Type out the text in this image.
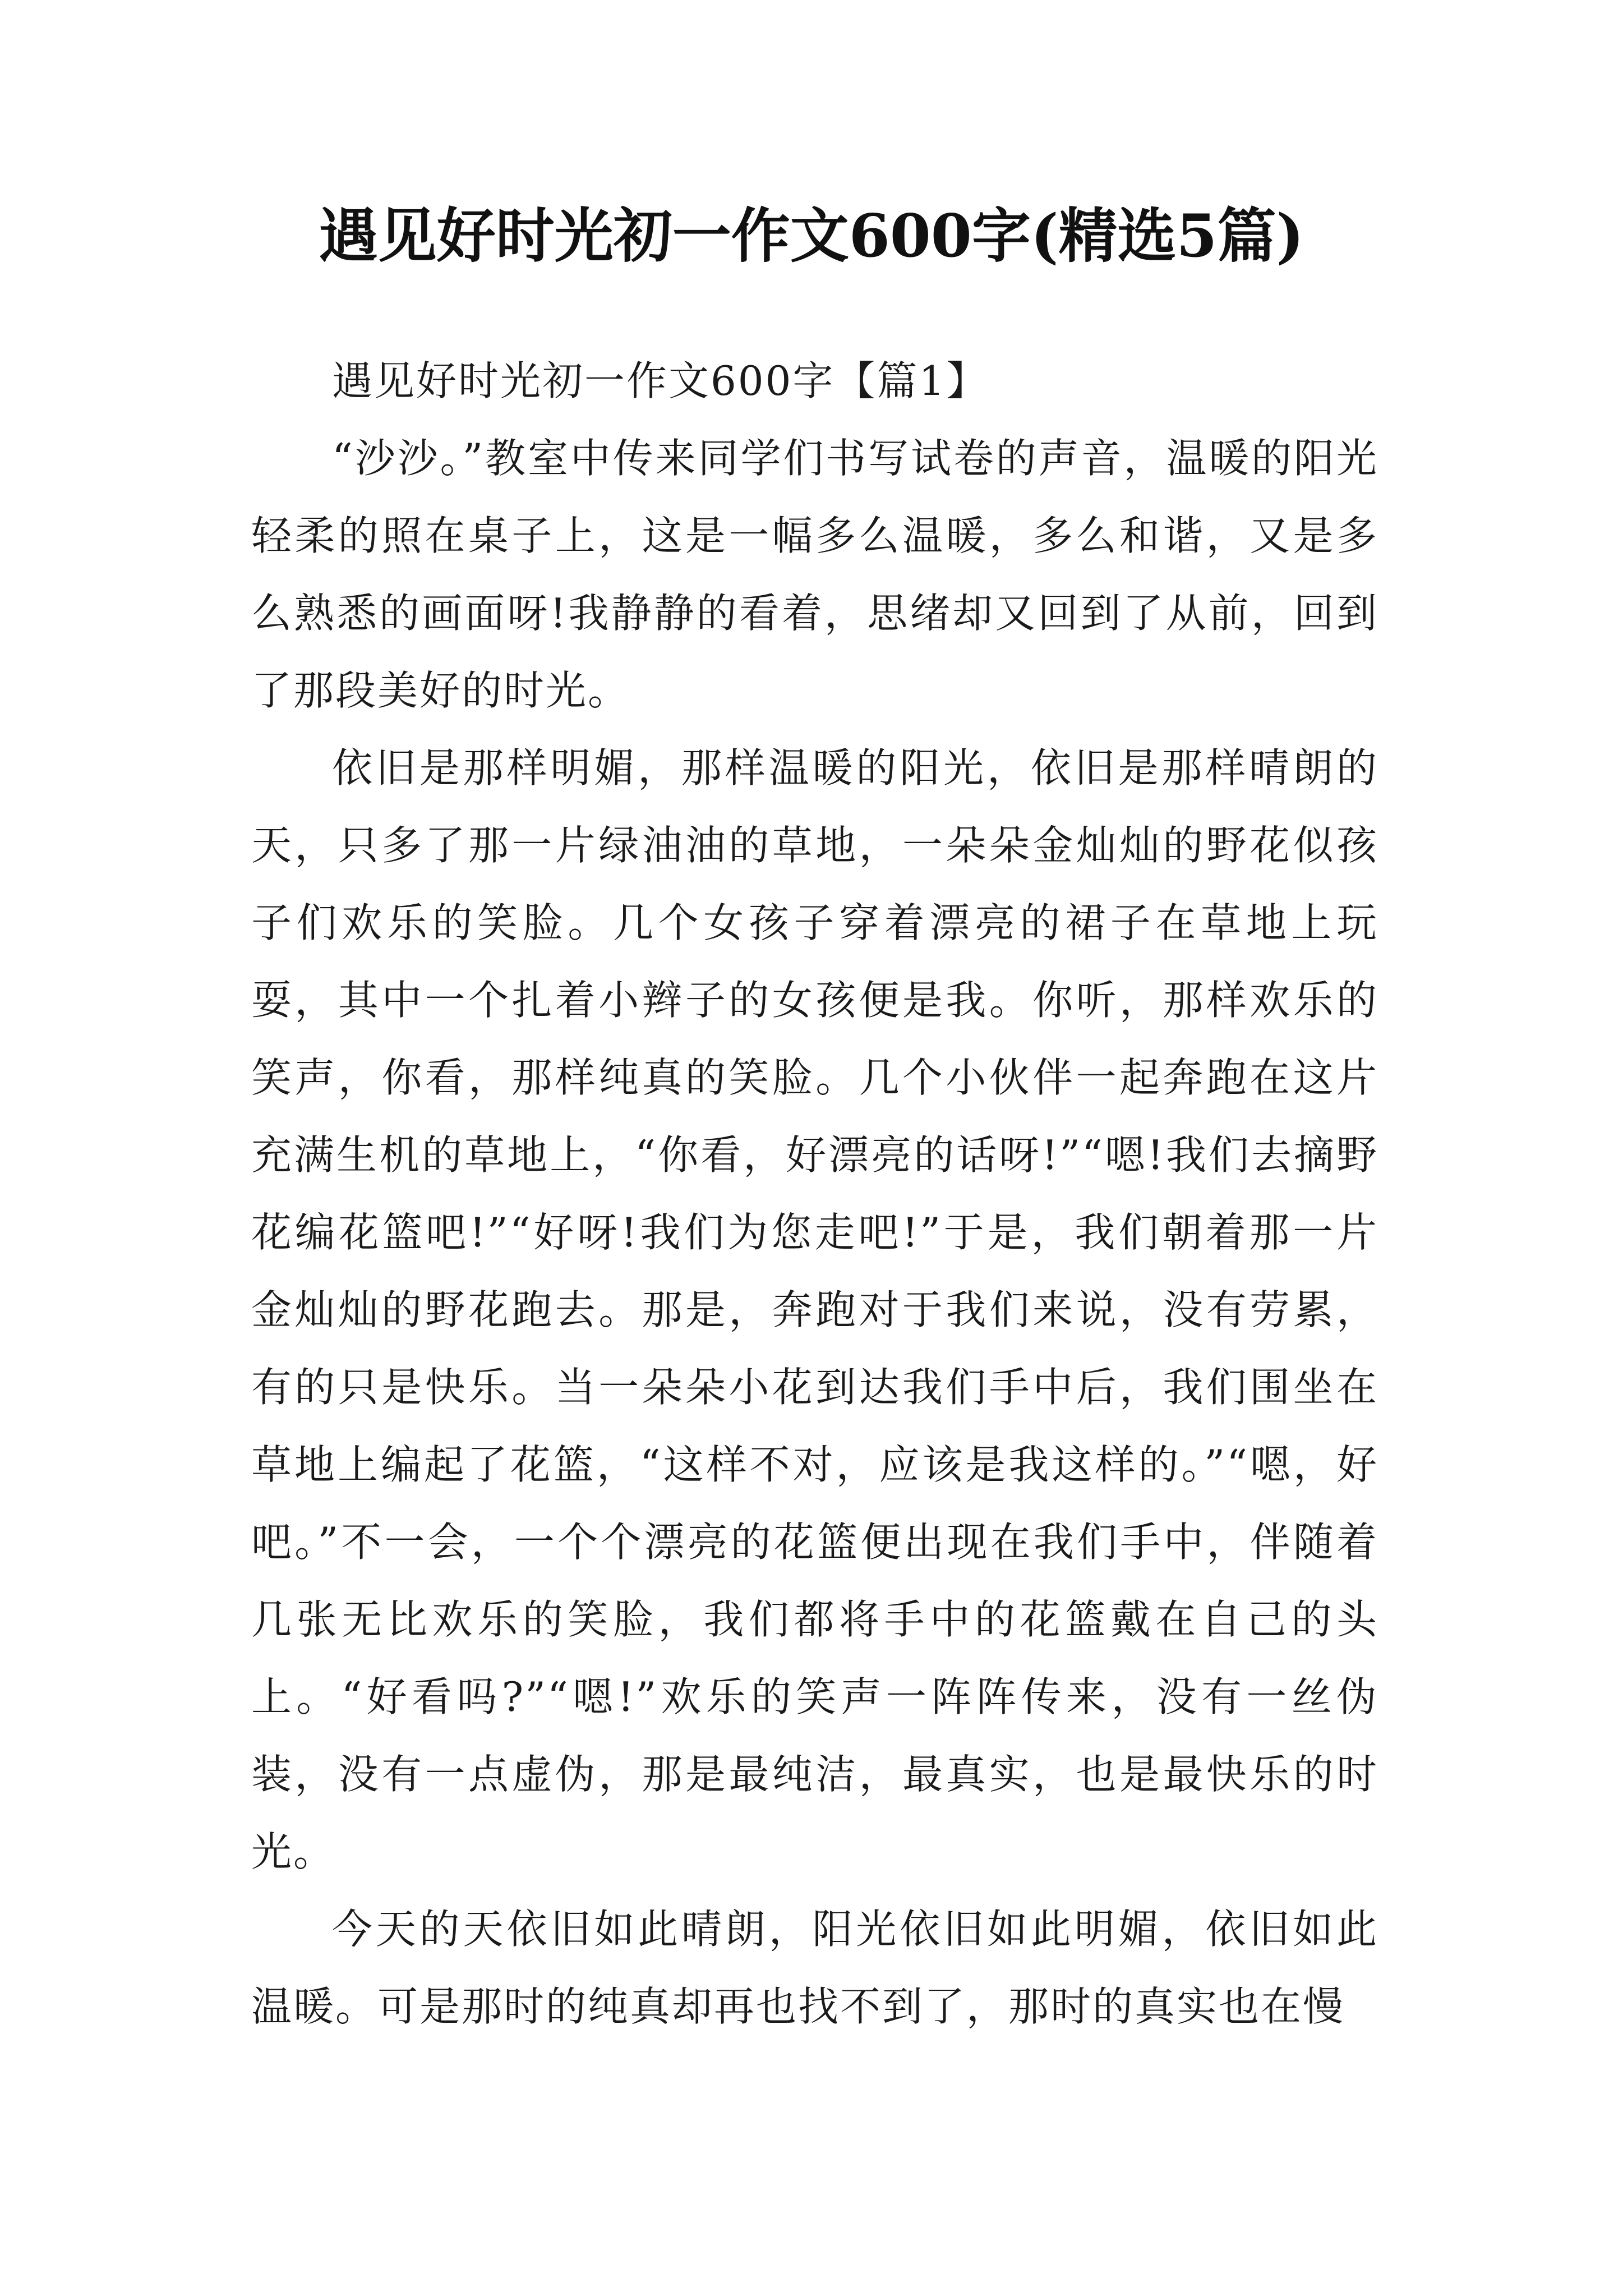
遇见好时光初一作文600字(精选5篇)

遇见好时光初一作文600字【篇1】

“沙沙。”教室中传来同学们书写试卷的声音，温暖的阳光轻柔的照在桌子上，这是一幅多么温暖，多么和谐，又是多么熟悉的画面呀!我静静的看着，思绪却又回到了从前，回到了那段美好的时光。

依旧是那样明媚，那样温暖的阳光，依旧是那样晴朗的天，只多了那一片绿油油的草地，一朵朵金灿灿的野花似孩子们欢乐的笑脸。几个女孩子穿着漂亮的裙子在草地上玩耍，其中一个扎着小辫子的女孩便是我。你听，那样欢乐的笑声，你看，那样纯真的笑脸。几个小伙伴一起奔跑在这片充满生机的草地上，“你看，好漂亮的话呀!”“嗯!我们去摘野花编花篮吧!”“好呀!我们为您走吧!”于是，我们朝着那一片金灿灿的野花跑去。那是，奔跑对于我们来说，没有劳累，有的只是快乐。当一朵朵小花到达我们手中后，我们围坐在草地上编起了花篮，“这样不对，应该是我这样的。”“嗯，好吧。”不一会，一个个漂亮的花篮便出现在我们手中，伴随着几张无比欢乐的笑脸，我们都将手中的花篮戴在自己的头上。“好看吗?”“嗯!”欢乐的笑声一阵阵传来，没有一丝伪装，没有一点虚伪，那是最纯洁，最真实，也是最快乐的时光。

今天的天依旧如此晴朗，阳光依旧如此明媚，依旧如此温暖。可是那时的纯真却再也找不到了，那时的真实也在慢
